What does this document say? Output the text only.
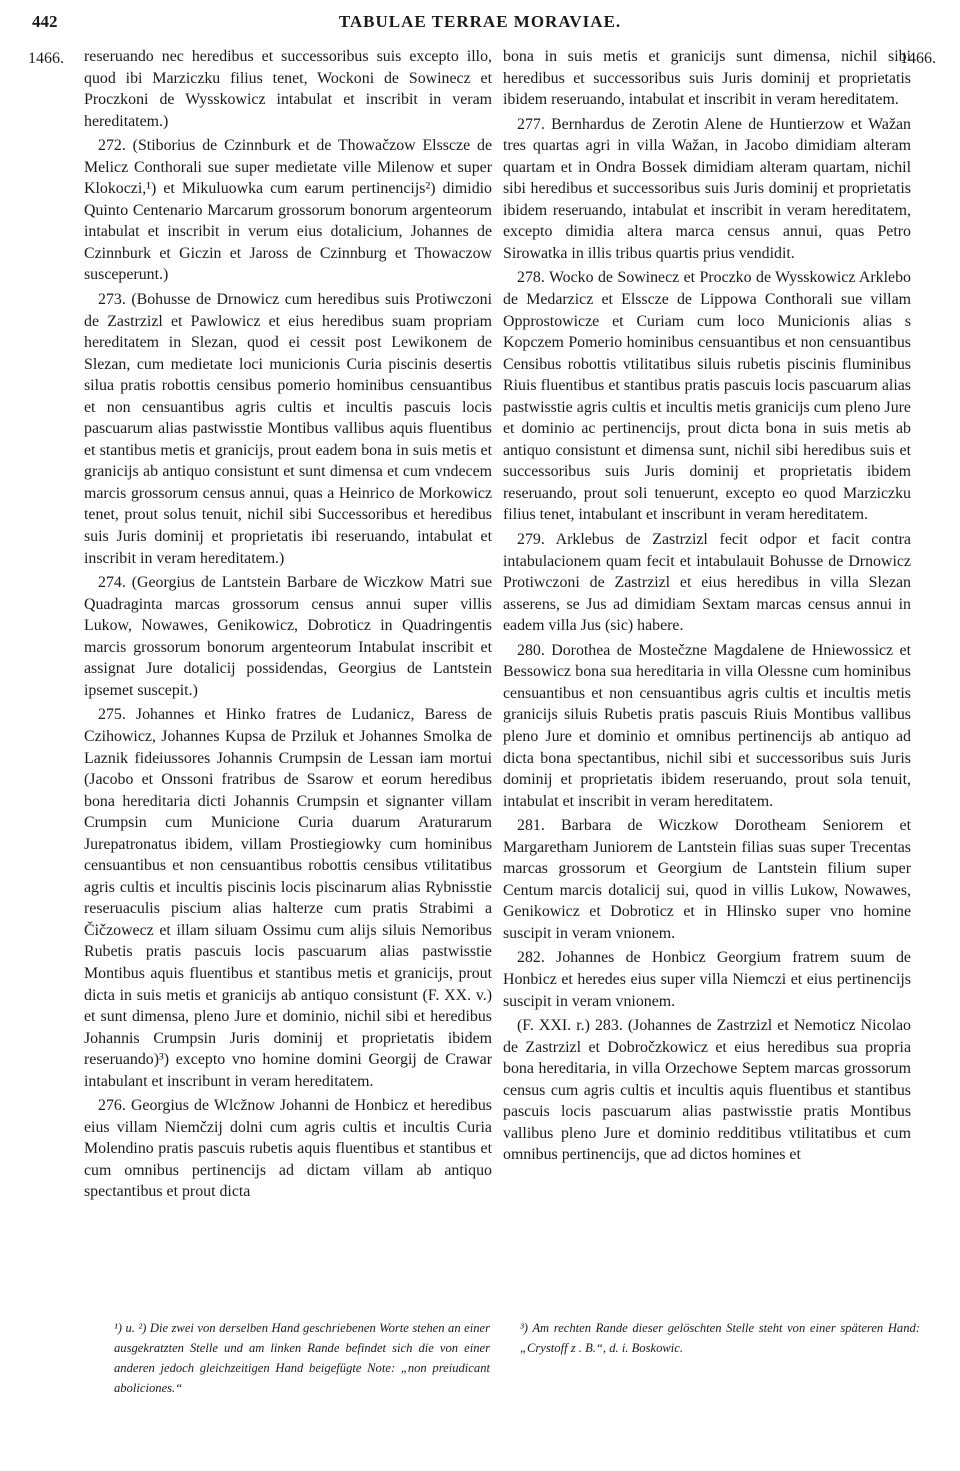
442	TABULAE TERRAE MORAVIAE.
1466.	1466.

reseruando nec heredibus et successoribus suis excepto illo, quod ibi Marziczku filius tenet, Wockoni de Sowinecz et Proczkoni de Wysskowicz intabulat et inscribit in veram hereditatem.)

272. (Stiborius de Czinnburk et de Thowačzow Elsscze de Melicz Conthorali sue super medietate ville Milenow et super Klokoczi,¹) et Mikuluowka cum earum pertinencijs²) dimidio Quinto Centenario Marcarum grossorum bonorum argenteorum intabulat et inscribit in verum eius dotalicium, Johannes de Czinnburk et Giczin et Jaross de Czinnburg et Thowaczow susceperunt.)

273. (Bohusse de Drnowicz cum heredibus suis Protiwczoni de Zastrzizl et Pawlowicz et eius heredibus suam propriam hereditatem in Slezan, quod ei cessit post Lewikonem de Slezan, cum medietate loci municionis Curia piscinis desertis silua pratis robottis censibus pomerio hominibus censuantibus et non censuantibus agris cultis et incultis pascuis locis pascuarum alias pastwisstie Montibus vallibus aquis fluentibus et stantibus metis et granicijs, prout eadem bona in suis metis et granicijs ab antiquo consistunt et sunt dimensa et cum vndecem marcis grossorum census annui, quas a Heinrico de Morkowicz tenet, prout solus tenuit, nichil sibi Successoribus et heredibus suis Juris dominij et proprietatis ibi reseruando, intabulat et inscribit in veram hereditatem.)

274. (Georgius de Lantstein Barbare de Wiczkow Matri sue Quadraginta marcas grossorum census annui super villis Lukow, Nowawes, Genikowicz, Dobroticz in Quadringentis marcis grossorum bonorum argenteorum Intabulat inscribit et assignat Jure dotalicij possidendas, Georgius de Lantstein ipsemet suscepit.)

275. Johannes et Hinko fratres de Ludanicz, Baress de Czihowicz, Johannes Kupsa de Prziluk et Johannes Smolka de Laznik fideiussores Johannis Crumpsin de Lessan iam mortui (Jacobo et Onssoni fratribus de Ssarow et eorum heredibus bona hereditaria dicti Johannis Crumpsin et signanter villam Crumpsin cum Municione Curia duarum Araturarum Jurepatronatus ibidem, villam Prostiegiowky cum hominibus censuantibus et non censuantibus robottis censibus vtilitatibus agris cultis et incultis piscinis locis piscinarum alias Rybnisstie reseruaculis piscium alias halterze cum pratis Strabimi a Čičzowecz et illam siluam Ossimu cum alijs siluis Nemoribus Rubetis pratis pascuis locis pascuarum alias pastwisstie Montibus aquis fluentibus et stantibus metis et granicijs, prout dicta in suis metis et granicijs ab antiquo consistunt (F. XX. v.) et sunt dimensa, pleno Jure et dominio, nichil sibi et heredibus Johannis Crumpsin Juris dominij et proprietatis ibidem reseruando)³) excepto vno homine domini Georgij de Crawar intabulant et inscribunt in veram hereditatem.

276. Georgius de Wlcžnow Johanni de Honbicz et heredibus eius villam Niemčzij dolni cum agris cultis et incultis Curia Molendino pratis pascuis rubetis aquis fluentibus et stantibus et cum omnibus pertinencijs ad dictam villam ab antiquo spectantibus et prout dicta

bona in suis metis et granicijs sunt dimensa, nichil sibi heredibus et successoribus suis Juris dominij et proprietatis ibidem reseruando, intabulat et inscribit in veram hereditatem.

277. Bernhardus de Zerotin Alene de Huntierzow et Wažan tres quartas agri in villa Wažan, in Jacobo dimidiam alteram quartam et in Ondra Bossek dimidiam alteram quartam, nichil sibi heredibus et successoribus suis Juris dominij et proprietatis ibidem reseruando, intabulat et inscribit in veram hereditatem, excepto dimidia altera marca census annui, quas Petro Sirowatka in illis tribus quartis prius vendidit.

278. Wocko de Sowinecz et Proczko de Wysskowicz Arklebo de Medarzicz et Elsscze de Lippowa Conthorali sue villam Opprostowicze et Curiam cum loco Municionis alias s Kopczem Pomerio hominibus censuantibus et non censuantibus Censibus robottis vtilitatibus siluis rubetis piscinis fluminibus Riuis fluentibus et stantibus pratis pascuis locis pascuarum alias pastwisstie agris cultis et incultis metis granicijs cum pleno Jure et dominio ac pertinencijs, prout dicta bona in suis metis ab antiquo consistunt et dimensa sunt, nichil sibi heredibus suis et successoribus suis Juris dominij et proprietatis ibidem reseruando, prout soli tenuerunt, excepto eo quod Marziczku filius tenet, intabulant et inscribunt in veram hereditatem.

279. Arklebus de Zastrzizl fecit odpor et facit contra intabulacionem quam fecit et intabulauit Bohusse de Drnowicz Protiwczoni de Zastrzizl et eius heredibus in villa Slezan asserens, se Jus ad dimidiam Sextam marcas census annui in eadem villa Jus (sic) habere.

280. Dorothea de Mostečzne Magdalene de Hniewossicz et Bessowicz bona sua hereditaria in villa Olessne cum hominibus censuantibus et non censuantibus agris cultis et incultis metis granicijs siluis Rubetis pratis pascuis Riuis Montibus vallibus pleno Jure et dominio et omnibus pertinencijs ab antiquo ad dicta bona spectantibus, nichil sibi et successoribus suis Juris dominij et proprietatis ibidem reseruando, prout sola tenuit, intabulat et inscribit in veram hereditatem.

281. Barbara de Wiczkow Dorotheam Seniorem et Margaretham Juniorem de Lantstein filias suas super Trecentas marcas grossorum et Georgium de Lantstein filium super Centum marcis dotalicij sui, quod in villis Lukow, Nowawes, Genikowicz et Dobroticz et in Hlinsko super vno homine suscipit in veram vnionem.

282. Johannes de Honbicz Georgium fratrem suum de Honbicz et heredes eius super villa Niemczi et eius pertinencijs suscipit in veram vnionem.

(F. XXI. r.) 283. (Johannes de Zastrzizl et Nemoticz Nicolao de Zastrzizl et Dobročzkowicz et eius heredibus sua propria bona hereditaria, in villa Orzechowe Septem marcas grossorum census cum agris cultis et incultis aquis fluentibus et stantibus pascuis locis pascuarum alias pastwisstie pratis Montibus vallibus pleno Jure et dominio redditibus vtilitatibus et cum omnibus pertinencijs, que ad dictos homines et

¹) u. ²) Die zwei von derselben Hand geschriebenen Worte stehen an einer ausgekratzten Stelle und am linken Rande befindet sich die von einer anderen jedoch gleichzeitigen Hand beigefügte Note: „non preiudicant aboliciones.“

³) Am rechten Rande dieser gelöschten Stelle steht von einer späteren Hand: „Crystoff z . B.“, d. i. Boskowic.
